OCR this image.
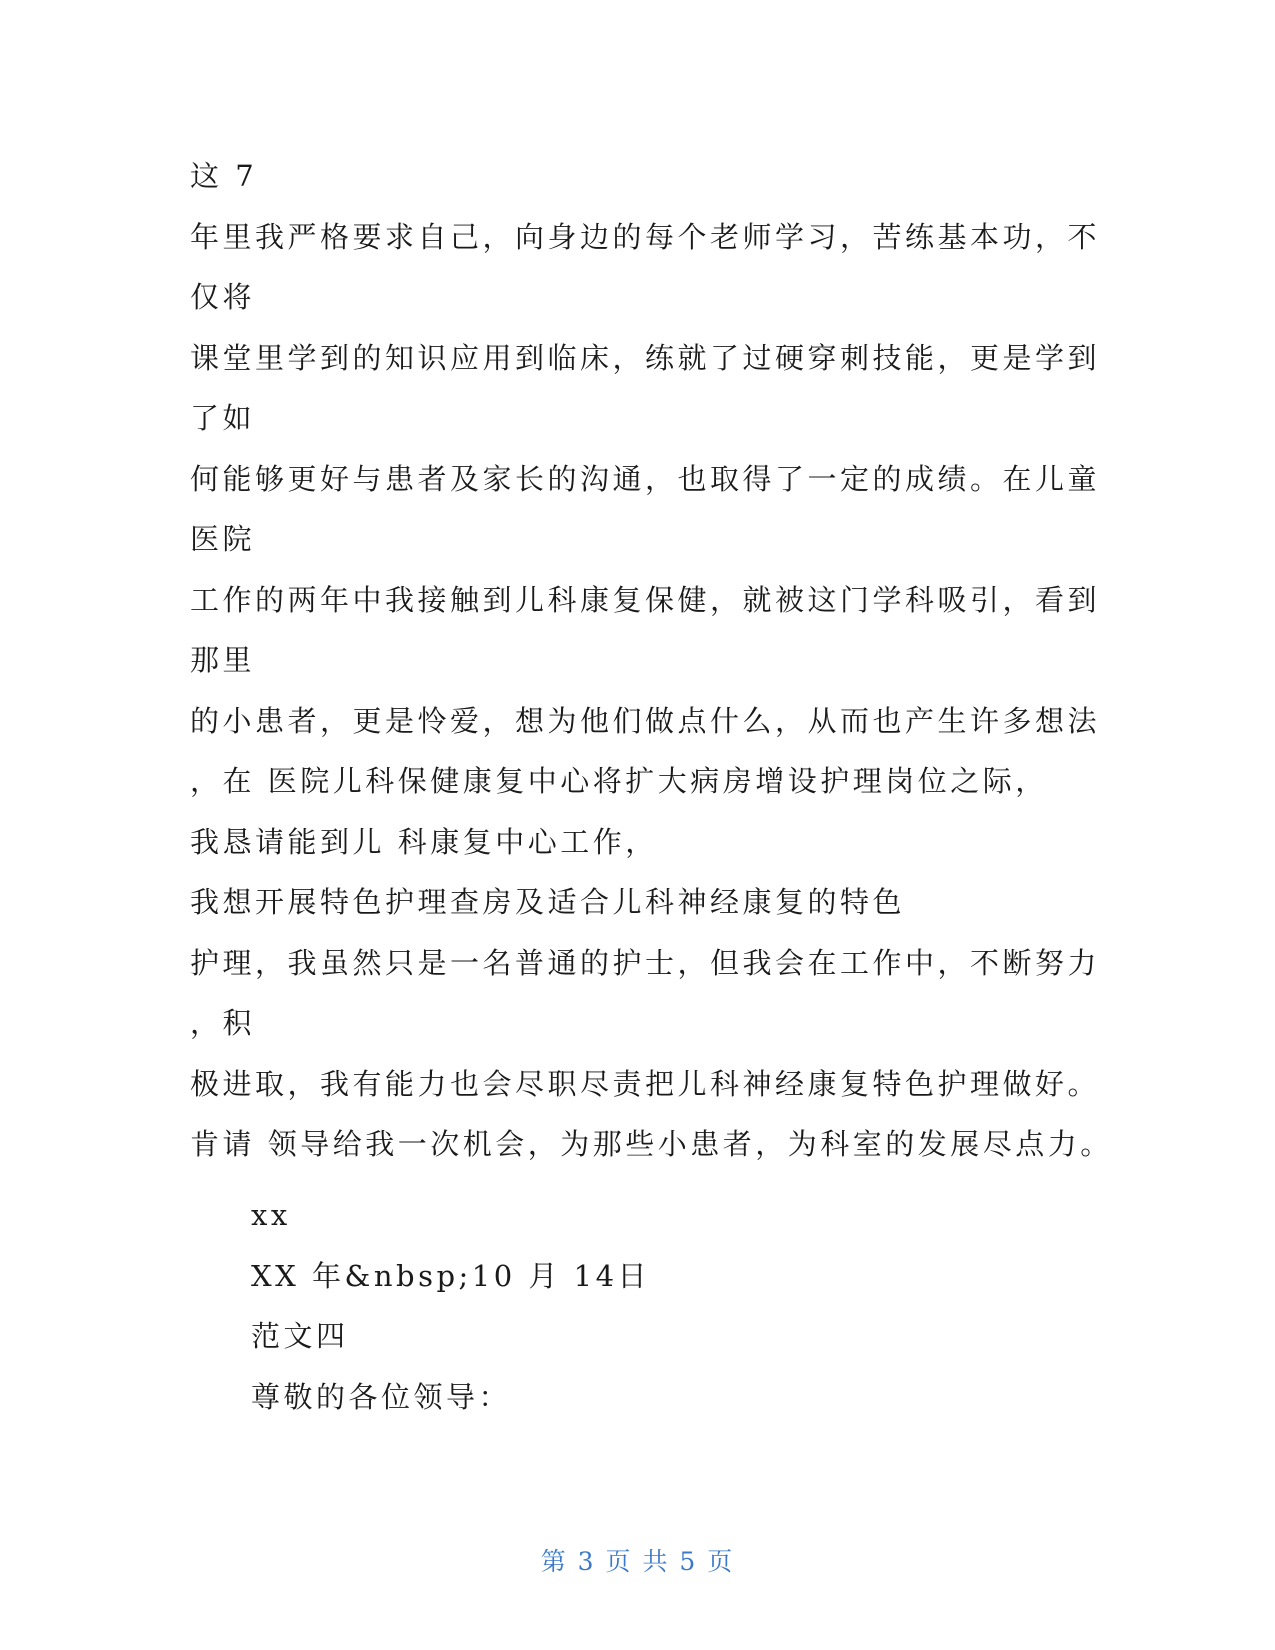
这 7
年里我严格要求自己，向身边的每个老师学习，苦练基本功，不
仅将
课堂里学到的知识应用到临床，练就了过硬穿刺技能，更是学到
了如
何能够更好与患者及家长的沟通，也取得了一定的成绩。在儿童
医院
工作的两年中我接触到儿科康复保健，就被这门学科吸引，看到
那里
的小患者，更是怜爱，想为他们做点什么，从而也产生许多想法
，在 医院儿科保健康复中心将扩大病房增设护理岗位之际，
我恳请能到儿 科康复中心工作，
我想开展特色护理查房及适合儿科神经康复的特色
护理，我虽然只是一名普通的护士，但我会在工作中，不断努力
，积
极进取，我有能力也会尽职尽责把儿科神经康复特色护理做好。
肯请 领导给我一次机会，为那些小患者，为科室的发展尽点力。
xx
XX 年&nbsp;10 月 14日
范文四
尊敬的各位领导：
第 3 页 共 5 页
